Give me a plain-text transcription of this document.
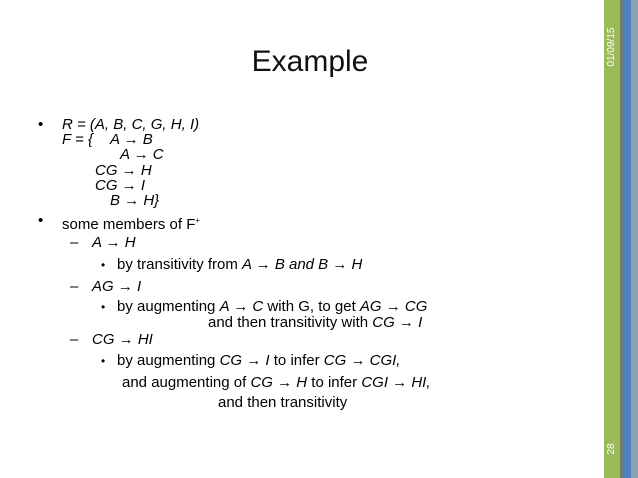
01/09/15
28
Example
• R = (A, B, C, G, H, I)
F = { A → B
A → C
CG → H
CG → I
B → H}
• some members of F+
– A → H
• by transitivity from A → B and B → H
– AG → I
• by augmenting A → C with G, to get AG → CG
and then transitivity with CG → I
– CG → HI
• by augmenting CG → I to infer CG → CGI,
and augmenting of CG → H to infer CGI → HI,
and then transitivity
